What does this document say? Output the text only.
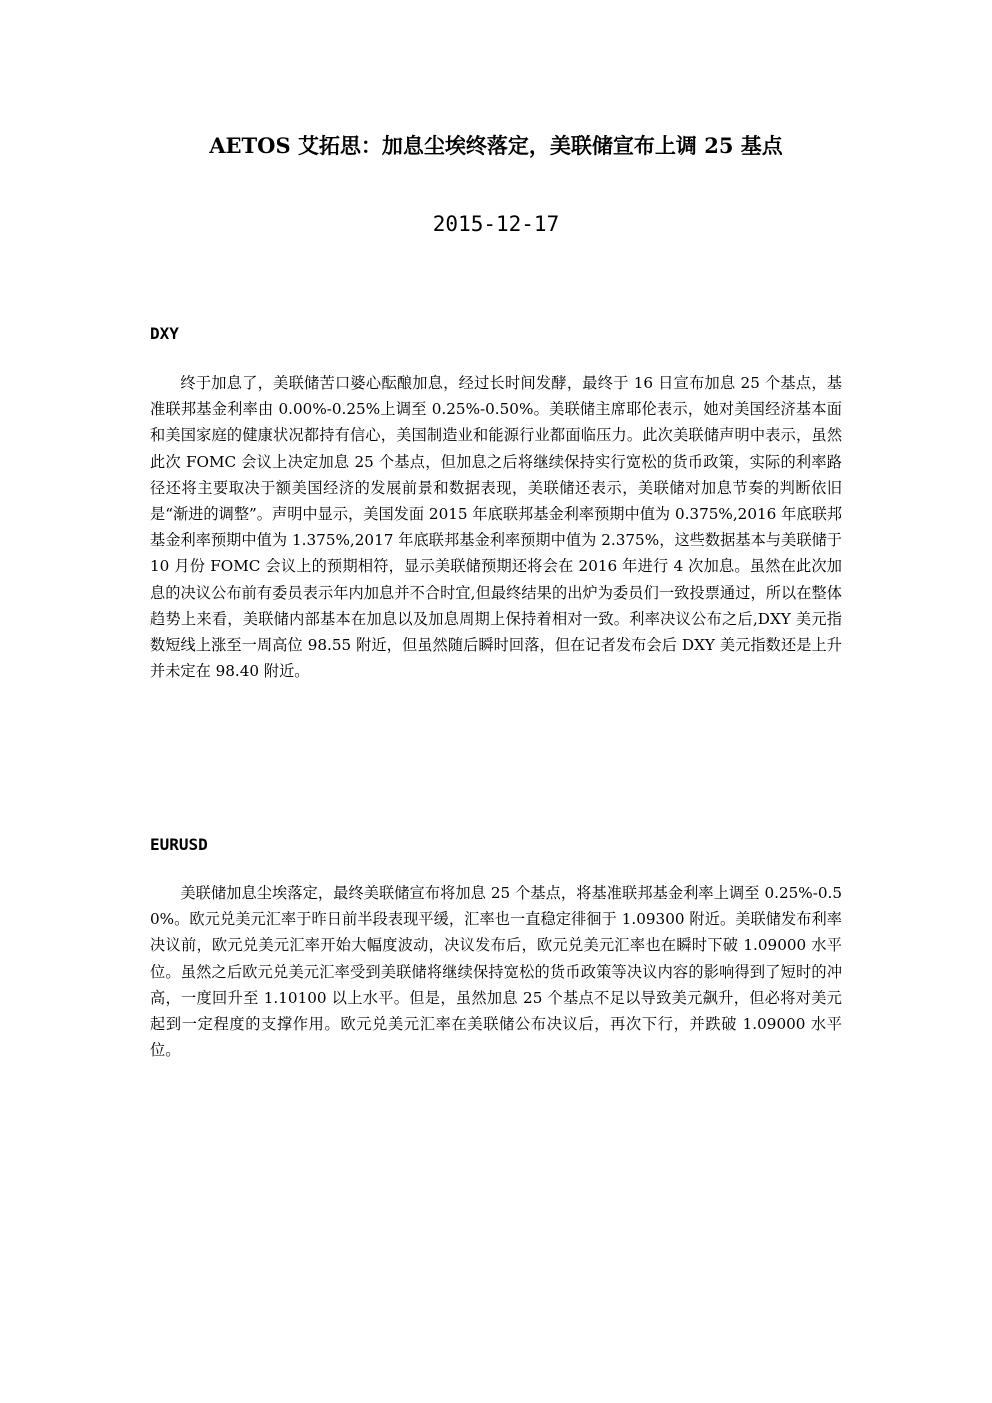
AETOS 艾拓思：加息尘埃终落定，美联储宣布上调 25 基点
2015-12-17
DXY

终于加息了，美联储苦口婆心酝酿加息，经过长时间发酵，最终于 16 日宣布加息 25 个基点，基准联邦基金利率由 0.00%-0.25%上调至 0.25%-0.50%。美联储主席耶伦表示，她对美国经济基本面和美国家庭的健康状况都持有信心，美国制造业和能源行业都面临压力。此次美联储声明中表示，虽然此次 FOMC 会议上决定加息 25 个基点，但加息之后将继续保持实行宽松的货币政策，实际的利率路径还将主要取决于额美国经济的发展前景和数据表现，美联储还表示，美联储对加息节奏的判断依旧是“渐进的调整”。声明中显示，美国发面 2015 年底联邦基金利率预期中值为 0.375%,2016 年底联邦基金利率预期中值为 1.375%,2017 年底联邦基金利率预期中值为 2.375%，这些数据基本与美联储于 10 月份 FOMC 会议上的预期相符，显示美联储预期还将会在 2016 年进行 4 次加息。虽然在此次加息的决议公布前有委员表示年内加息并不合时宜,但最终结果的出炉为委员们一致投票通过，所以在整体趋势上来看，美联储内部基本在加息以及加息周期上保持着相对一致。利率决议公布之后,DXY 美元指数短线上涨至一周高位 98.55 附近，但虽然随后瞬时回落，但在记者发布会后 DXY 美元指数还是上升并未定在 98.40 附近。

EURUSD

美联储加息尘埃落定，最终美联储宣布将加息 25 个基点，将基准联邦基金利率上调至 0.25%-0.50%。欧元兑美元汇率于昨日前半段表现平缓，汇率也一直稳定徘徊于 1.09300 附近。美联储发布利率决议前，欧元兑美元汇率开始大幅度波动，决议发布后，欧元兑美元汇率也在瞬时下破 1.09000 水平位。虽然之后欧元兑美元汇率受到美联储将继续保持宽松的货币政策等决议内容的影响得到了短时的冲高，一度回升至 1.10100 以上水平。但是，虽然加息 25 个基点不足以导致美元飙升，但必将对美元起到一定程度的支撑作用。欧元兑美元汇率在美联储公布决议后，再次下行，并跌破 1.09000 水平位。
